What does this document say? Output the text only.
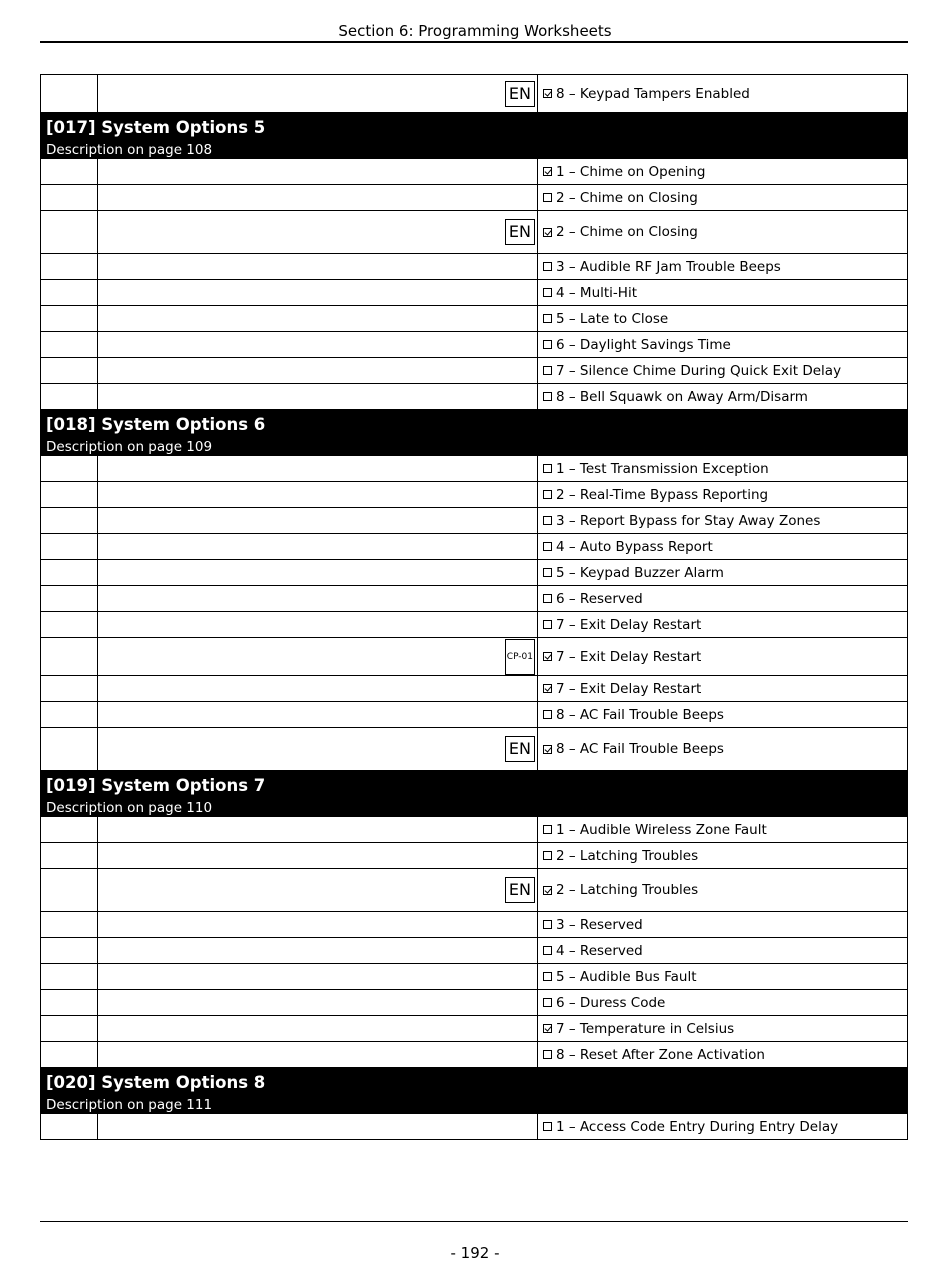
Section 6: Programming Worksheets
EN 8 – Keypad Tampers Enabled
[017] System Options 5
Description on page 108
1 – Chime on Opening
2 – Chime on Closing
EN 2 – Chime on Closing
3 – Audible RF Jam Trouble Beeps
4 – Multi-Hit
5 – Late to Close
6 – Daylight Savings Time
7 – Silence Chime During Quick Exit Delay
8 – Bell Squawk on Away Arm/Disarm
[018] System Options 6
Description on page 109
1 – Test Transmission Exception
2 – Real-Time Bypass Reporting
3 – Report Bypass for Stay Away Zones
4 – Auto Bypass Report
5 – Keypad Buzzer Alarm
6 – Reserved
7 – Exit Delay Restart
CP-01 7 – Exit Delay Restart
7 – Exit Delay Restart
8 – AC Fail Trouble Beeps
EN 8 – AC Fail Trouble Beeps
[019] System Options 7
Description on page 110
1 – Audible Wireless Zone Fault
2 – Latching Troubles
EN 2 – Latching Troubles
3 – Reserved
4 – Reserved
5 – Audible Bus Fault
6 – Duress Code
7 – Temperature in Celsius
8 – Reset After Zone Activation
[020] System Options 8
Description on page 111
1 – Access Code Entry During Entry Delay
- 192 -
